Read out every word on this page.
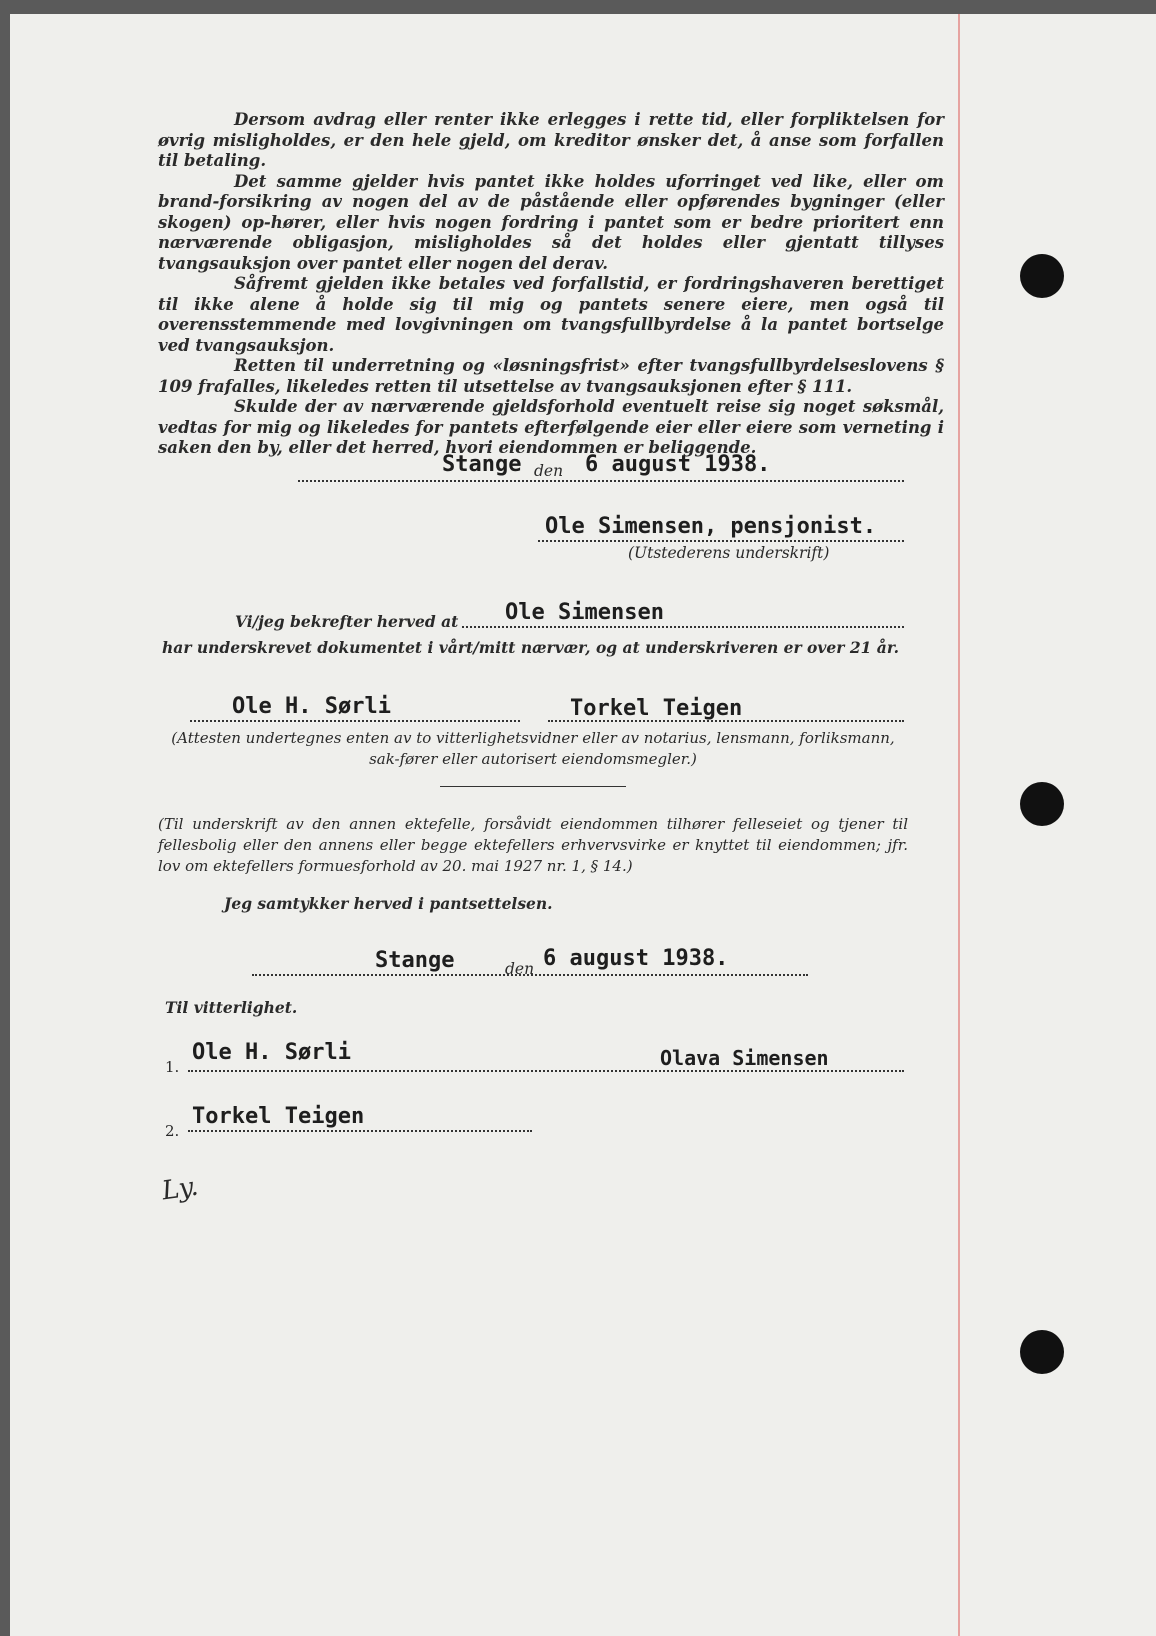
Dersom avdrag eller renter ikke erlegges i rette tid, eller forpliktelsen for øvrig misligholdes, er den hele gjeld, om kreditor ønsker det, å anse som forfallen til betaling.

Det samme gjelder hvis pantet ikke holdes uforringet ved like, eller om brand-forsikring av nogen del av de påstående eller opførendes bygninger (eller skogen) op-hører, eller hvis nogen fordring i pantet som er bedre prioritert enn nærværende obligasjon, misligholdes så det holdes eller gjentatt tillyses tvangsauksjon over pantet eller nogen del derav.

Såfremt gjelden ikke betales ved forfallstid, er fordringshaveren berettiget til ikke alene å holde sig til mig og pantets senere eiere, men også til overensstemmende med lovgivningen om tvangsfullbyrdelse å la pantet bortselge ved tvangsauksjon.

Retten til underretning og «løsningsfrist» efter tvangsfullbyrdelseslovens § 109 frafalles, likeledes retten til utsettelse av tvangsauksjonen efter § 111.

Skulde der av nærværende gjeldsforhold eventuelt reise sig noget søksmål, vedtas for mig og likeledes for pantets efterfølgende eier eller eiere som verneting i saken den by, eller det herred, hvori eiendommen er beliggende.

Stange den 6 august 1938.
Ole Simensen, pensjonist.
(Utstederens underskrift)
Vi/jeg bekrefter herved at Ole Simensen
har underskrevet dokumentet i vårt/mitt nærvær, og at underskriveren er over 21 år.
Ole H. Sørli	Torkel Teigen
(Attesten undertegnes enten av to vitterlighetsvidner eller av notarius, lensmann, forliksmann, sak-fører eller autorisert eiendomsmegler.)
(Til underskrift av den annen ektefelle, forsåvidt eiendommen tilhører felleseiet og tjener til fellesbolig eller den annens eller begge ektefellers erhvervsvirke er knyttet til eiendommen; jfr. lov om ektefellers formuesforhold av 20. mai 1927 nr. 1, § 14.)
Jeg samtykker herved i pantsettelsen.
Stange	den 6 august 1938.
Til vitterlighet.
1.
Ole H. Sørli	Olava Simensen
2.
Torkel Teigen
Ly.
